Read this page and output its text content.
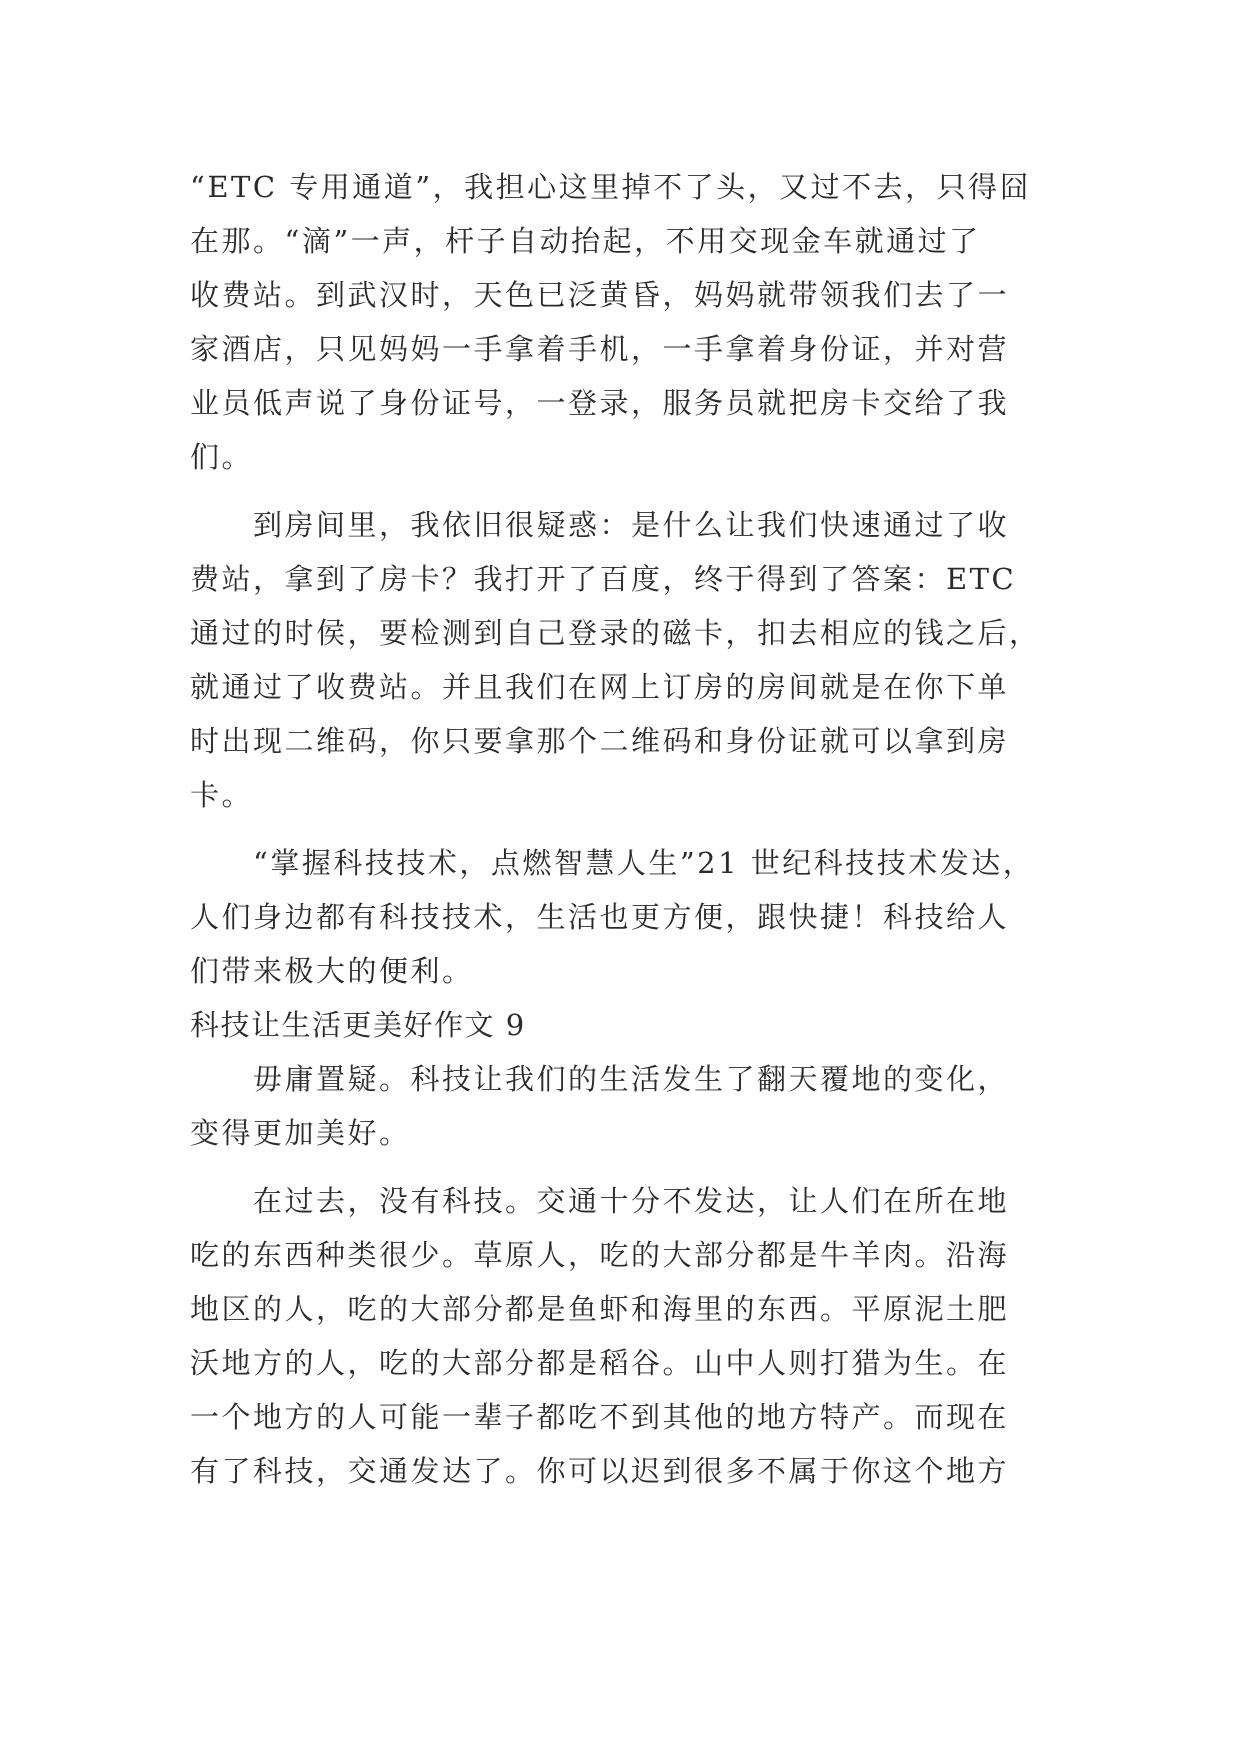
“ETC 专用通道”，我担心这里掉不了头，又过不去，只得囧
在那。“滴”一声，杆子自动抬起，不用交现金车就通过了
收费站。到武汉时，天色已泛黄昏，妈妈就带领我们去了一
家酒店，只见妈妈一手拿着手机，一手拿着身份证，并对营
业员低声说了身份证号，一登录，服务员就把房卡交给了我
们。
　　到房间里，我依旧很疑惑：是什么让我们快速通过了收
费站，拿到了房卡？我打开了百度，终于得到了答案：ETC
通过的时侯，要检测到自己登录的磁卡，扣去相应的钱之后，
就通过了收费站。并且我们在网上订房的房间就是在你下单
时出现二维码，你只要拿那个二维码和身份证就可以拿到房
卡。
　　“掌握科技技术，点燃智慧人生”21 世纪科技技术发达，
人们身边都有科技技术，生活也更方便，跟快捷！科技给人
们带来极大的便利。
科技让生活更美好作文 9
　　毋庸置疑。科技让我们的生活发生了翻天覆地的变化，
变得更加美好。
　　在过去，没有科技。交通十分不发达，让人们在所在地
吃的东西种类很少。草原人，吃的大部分都是牛羊肉。沿海
地区的人，吃的大部分都是鱼虾和海里的东西。平原泥土肥
沃地方的人，吃的大部分都是稻谷。山中人则打猎为生。在
一个地方的人可能一辈子都吃不到其他的地方特产。而现在
有了科技，交通发达了。你可以迟到很多不属于你这个地方
